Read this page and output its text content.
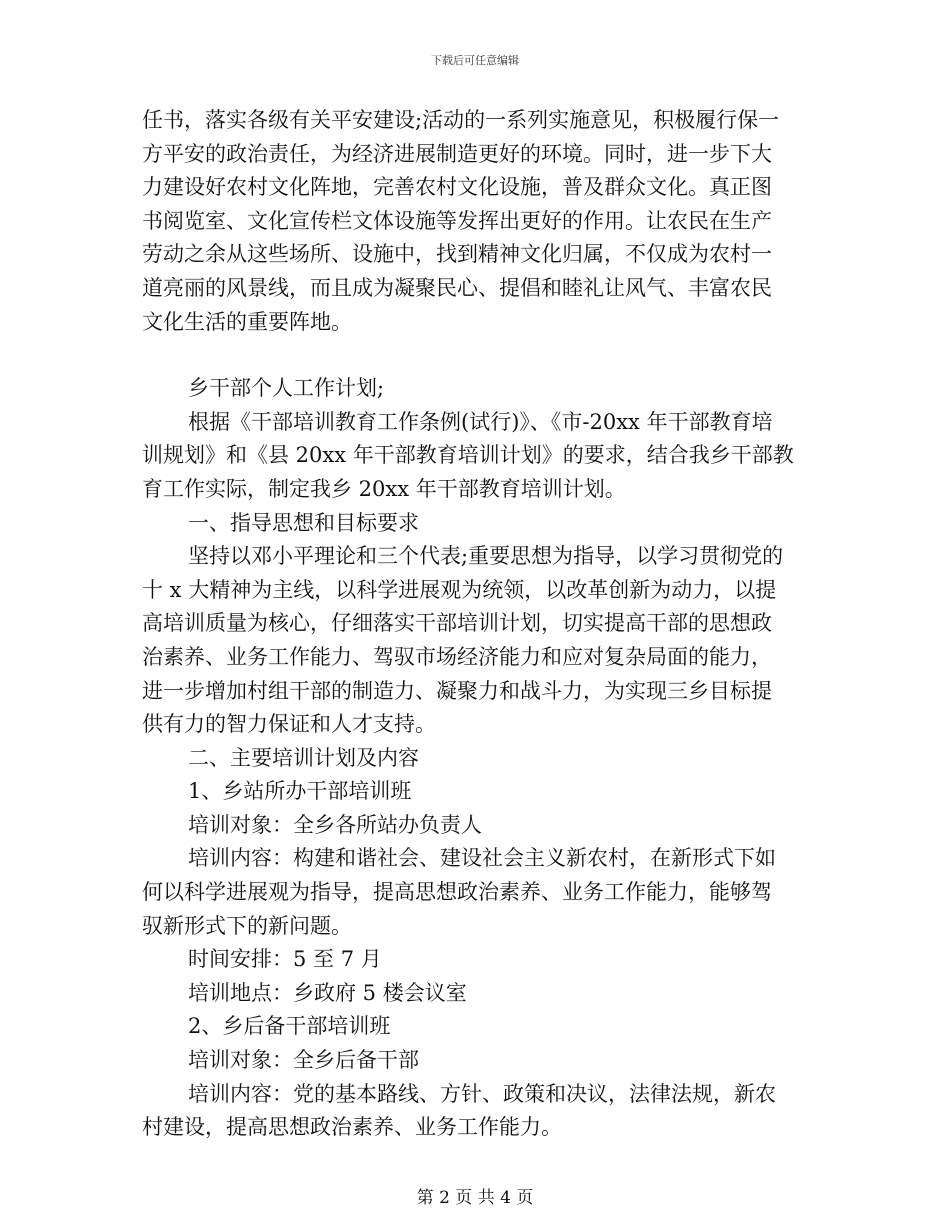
下载后可任意编辑
任书，落实各级有关平安建设;活动的一系列实施意见，积极履行保一
方平安的政治责任，为经济进展制造更好的环境。同时，进一步下大
力建设好农村文化阵地，完善农村文化设施，普及群众文化。真正图
书阅览室、文化宣传栏文体设施等发挥出更好的作用。让农民在生产
劳动之余从这些场所、设施中，找到精神文化归属，不仅成为农村一
道亮丽的风景线，而且成为凝聚民心、提倡和睦礼让风气、丰富农民
文化生活的重要阵地。
乡干部个人工作计划;
根据《干部培训教育工作条例(试行)》、《市-20xx 年干部教育培
训规划》和《县 20xx 年干部教育培训计划》的要求，结合我乡干部教
育工作实际，制定我乡 20xx 年干部教育培训计划。
一、指导思想和目标要求
坚持以邓小平理论和三个代表;重要思想为指导，以学习贯彻党的
十 x 大精神为主线，以科学进展观为统领，以改革创新为动力，以提
高培训质量为核心，仔细落实干部培训计划，切实提高干部的思想政
治素养、业务工作能力、驾驭市场经济能力和应对复杂局面的能力，
进一步增加村组干部的制造力、凝聚力和战斗力，为实现三乡目标提
供有力的智力保证和人才支持。
二、主要培训计划及内容
1、乡站所办干部培训班
培训对象：全乡各所站办负责人
培训内容：构建和谐社会、建设社会主义新农村，在新形式下如
何以科学进展观为指导，提高思想政治素养、业务工作能力，能够驾
驭新形式下的新问题。
时间安排：5 至 7 月
培训地点：乡政府 5 楼会议室
2、乡后备干部培训班
培训对象：全乡后备干部
培训内容：党的基本路线、方针、政策和决议，法律法规，新农
村建设，提高思想政治素养、业务工作能力。
第 2 页 共 4 页
